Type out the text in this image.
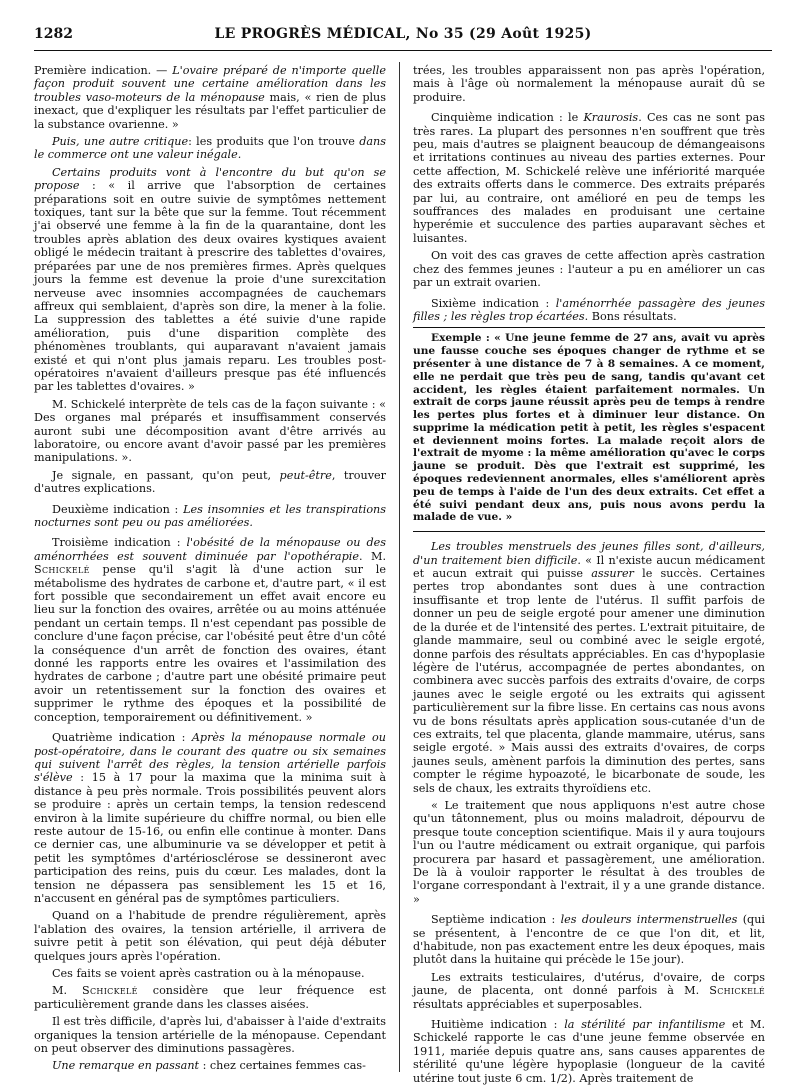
1282	LE PROGRÈS MÉDICAL, No 35 (29 Août 1925)

Première indication. — L'ovaire préparé de n'importe quelle façon produit souvent une certaine amélioration dans les troubles vaso-moteurs de la ménopause mais, « rien de plus inexact, que d'expliquer les résultats par l'effet particulier de la substance ovarienne. »

Puis, une autre critique: les produits que l'on trouve dans le commerce ont une valeur inégale.

Certains produits vont à l'encontre du but qu'on se propose : « il arrive que l'absorption de certaines préparations soit en outre suivie de symptômes nettement toxiques, tant sur la bête que sur la femme. Tout récemment j'ai observé une femme à la fin de la quarantaine, dont les troubles après ablation des deux ovaires kystiques avaient obligé le médecin traitant à prescrire des tablettes d'ovaires, préparées par une de nos premières firmes. Après quelques jours la femme est devenue la proie d'une surexcitation nerveuse avec insomnies accompagnées de cauchemars affreux qui semblaient, d'après son dire, la mener à la folie. La suppression des tablettes a été suivie d'une rapide amélioration, puis d'une disparition complète des phénomènes troublants, qui auparavant n'avaient jamais existé et qui n'ont plus jamais reparu. Les troubles post-opératoires n'avaient d'ailleurs presque pas été influencés par les tablettes d'ovaires. »

M. Schickelé interprète de tels cas de la façon suivante : « Des organes mal préparés et insuffisamment conservés auront subi une décomposition avant d'être arrivés au laboratoire, ou encore avant d'avoir passé par les premières manipulations. ».

Je signale, en passant, qu'on peut, peut-être, trouver d'autres explications.

Deuxième indication : Les insomnies et les transpirations nocturnes sont peu ou pas améliorées.

Troisième indication : l'obésité de la ménopause ou des aménorrhées est souvent diminuée par l'opothérapie. M. Schickelé pense qu'il s'agit là d'une action sur le métabolisme des hydrates de carbone et, d'autre part, « il est fort possible que secondairement un effet avait encore eu lieu sur la fonction des ovaires, arrêtée ou au moins atténuée pendant un certain temps. Il n'est cependant pas possible de conclure d'une façon précise, car l'obésité peut être d'un côté la conséquence d'un arrêt de fonction des ovaires, étant donné les rapports entre les ovaires et l'assimilation des hydrates de carbone ; d'autre part une obésité primaire peut avoir un retentissement sur la fonction des ovaires et supprimer le rythme des époques et la possibilité de conception, temporairement ou définitivement. »

Quatrième indication : Après la ménopause normale ou post-opératoire, dans le courant des quatre ou six semaines qui suivent l'arrêt des règles, la tension artérielle parfois s'élève : 15 à 17 pour la maxima que la minima suit à distance à peu près normale. Trois possibilités peuvent alors se produire : après un certain temps, la tension redescend environ à la limite supérieure du chiffre normal, ou bien elle reste autour de 15-16, ou enfin elle continue à monter. Dans ce dernier cas, une albuminurie va se développer et petit à petit les symptômes d'artériosclérose se dessineront avec participation des reins, puis du cœur. Les malades, dont la tension ne dépassera pas sensiblement les 15 et 16, n'accusent en général pas de symptômes particuliers.

Quand on a l'habitude de prendre régulièrement, après l'ablation des ovaires, la tension artérielle, il arrivera de suivre petit à petit son élévation, qui peut déjà débuter quelques jours après l'opération.

Ces faits se voient après castration ou à la ménopause.

M. Schickelé considère que leur fréquence est particulièrement grande dans les classes aisées.

Il est très difficile, d'après lui, d'abaisser à l'aide d'extraits organiques la tension artérielle de la ménopause. Cependant on peut observer des diminutions passagères.

Une remarque en passant : chez certaines femmes cas-

trées, les troubles apparaissent non pas après l'opération, mais à l'âge où normalement la ménopause aurait dû se produire.

Cinquième indication : le Kraurosis. Ces cas ne sont pas très rares. La plupart des personnes n'en souffrent que très peu, mais d'autres se plaignent beaucoup de démangeaisons et irritations continues au niveau des parties externes. Pour cette affection, M. Schickelé relève une infériorité marquée des extraits offerts dans le commerce. Des extraits préparés par lui, au contraire, ont amélioré en peu de temps les souffrances des malades en produisant une certaine hyperémie et succulence des parties auparavant sèches et luisantes.

On voit des cas graves de cette affection après castration chez des femmes jeunes : l'auteur a pu en améliorer un cas par un extrait ovarien.

Sixième indication : l'aménorrhée passagère des jeunes filles ; les règles trop écartées. Bons résultats.

Exemple : « Une jeune femme de 27 ans, avait vu après une fausse couche ses époques changer de rythme et se présenter à une distance de 7 à 8 semaines. A ce moment, elle ne perdait que très peu de sang, tandis qu'avant cet accident, les règles étaient parfaitement normales. Un extrait de corps jaune réussit après peu de temps à rendre les pertes plus fortes et à diminuer leur distance. On supprime la médication petit à petit, les règles s'espacent et deviennent moins fortes. La malade reçoit alors de l'extrait de myome : la même amélioration qu'avec le corps jaune se produit. Dès que l'extrait est supprimé, les époques redeviennent anormales, elles s'améliorent après peu de temps à l'aide de l'un des deux extraits. Cet effet a été suivi pendant deux ans, puis nous avons perdu la malade de vue. »

Les troubles menstruels des jeunes filles sont, d'ailleurs, d'un traitement bien difficile. « Il n'existe aucun médicament et aucun extrait qui puisse assurer le succès. Certaines pertes trop abondantes sont dues à une contraction insuffisante et trop lente de l'utérus. Il suffit parfois de donner un peu de seigle ergoté pour amener une diminution de la durée et de l'intensité des pertes. L'extrait pituitaire, de glande mammaire, seul ou combiné avec le seigle ergoté, donne parfois des résultats appréciables. En cas d'hypoplasie légère de l'utérus, accompagnée de pertes abondantes, on combinera avec succès parfois des extraits d'ovaire, de corps jaunes avec le seigle ergoté ou les extraits qui agissent particulièrement sur la fibre lisse. En certains cas nous avons vu de bons résultats après application sous-cutanée d'un de ces extraits, tel que placenta, glande mammaire, utérus, sans seigle ergoté. » Mais aussi des extraits d'ovaires, de corps jaunes seuls, amènent parfois la diminution des pertes, sans compter le régime hypoazoté, le bicarbonate de soude, les sels de chaux, les extraits thyroïdiens etc.

« Le traitement que nous appliquons n'est autre chose qu'un tâtonnement, plus ou moins maladroit, dépourvu de presque toute conception scientifique. Mais il y aura toujours l'un ou l'autre médicament ou extrait organique, qui parfois procurera par hasard et passagèrement, une amélioration. De là à vouloir rapporter le résultat à des troubles de l'organe correspondant à l'extrait, il y a une grande distance. »

Septième indication : les douleurs intermenstruelles (qui se présentent, à l'encontre de ce que l'on dit, et lit, d'habitude, non pas exactement entre les deux époques, mais plutôt dans la huitaine qui précède le 15e jour).

Les extraits testiculaires, d'utérus, d'ovaire, de corps jaune, de placenta, ont donné parfois à M. Schickelé résultats appréciables et superposables.

Huitième indication : la stérilité par infantilisme et M. Schickelé rapporte le cas d'une jeune femme observée en 1911, mariée depuis quatre ans, sans causes apparentes de stérilité qu'une légère hypoplasie (longueur de la cavité utérine tout juste 6 cm. 1/2). Après traitement de
